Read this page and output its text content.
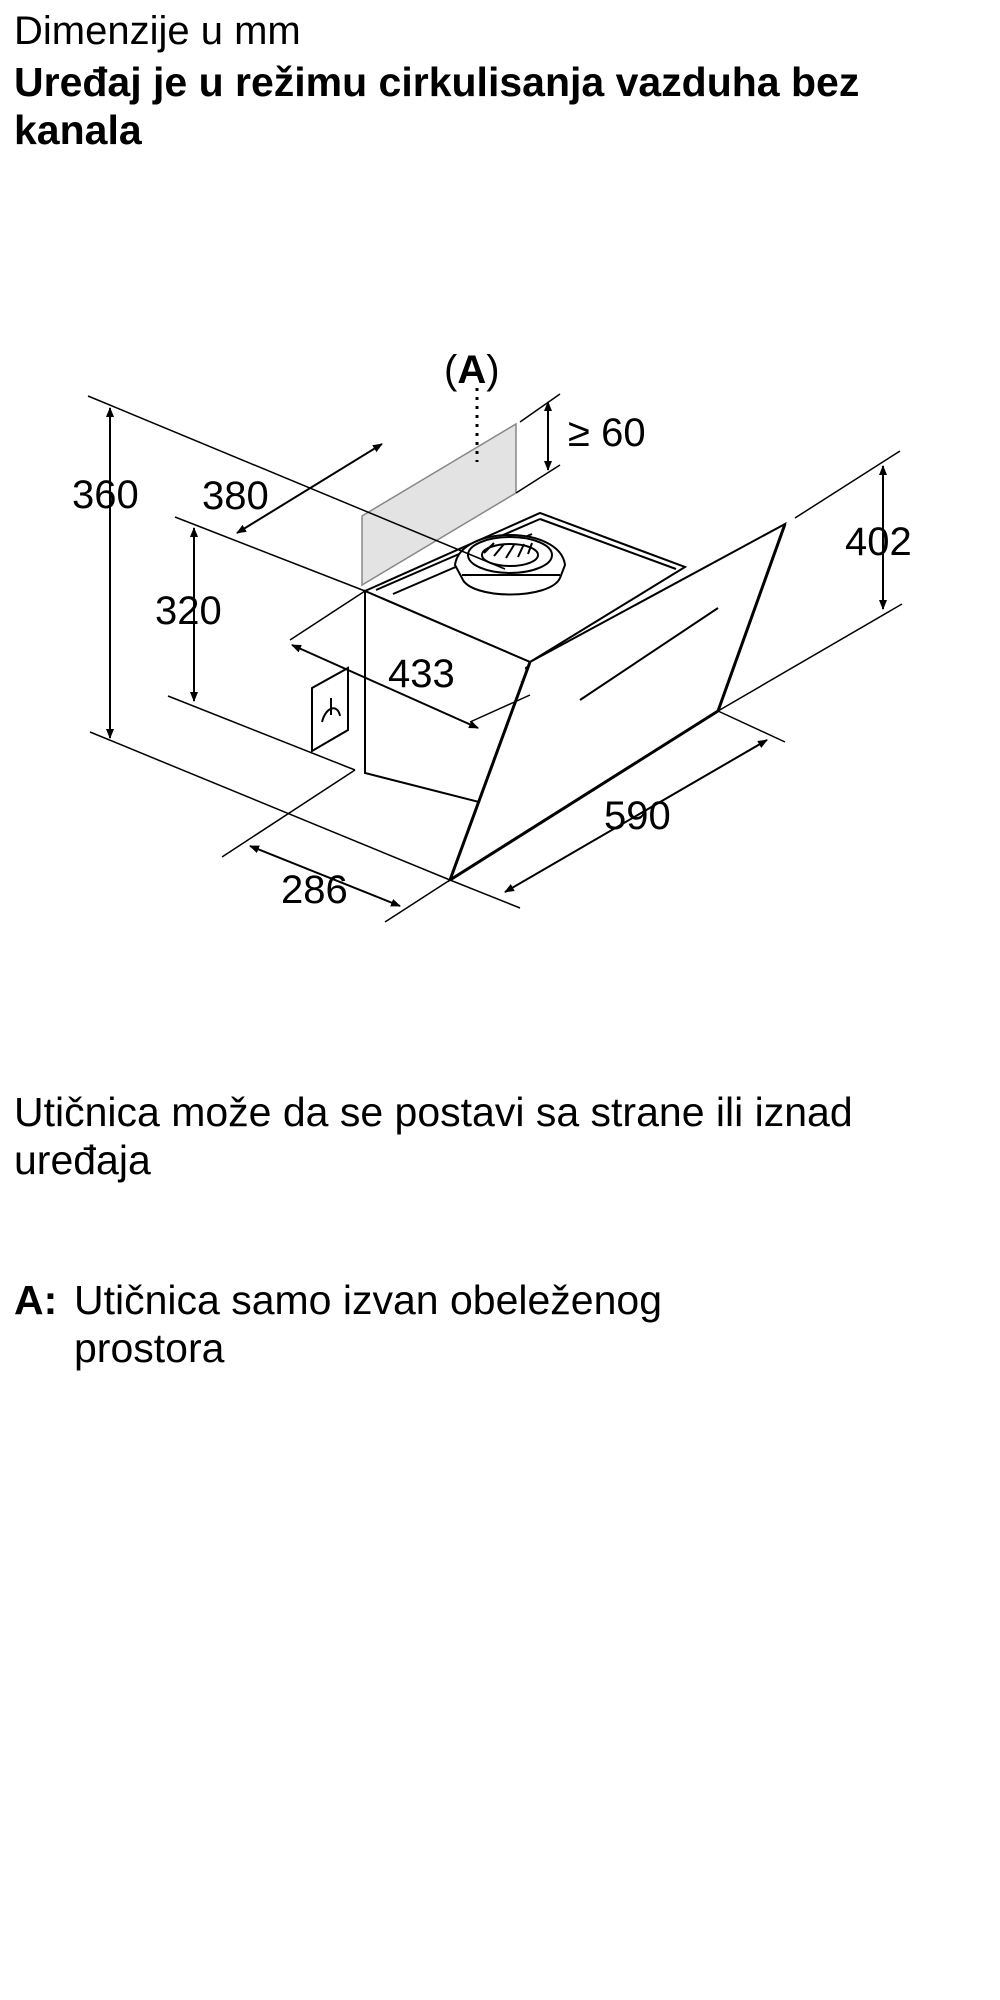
Dimenzije u mm
Uređaj je u režimu cirkulisanja vazduha bez kanala
(A)
≥ 60
360 380
320
433
402
590
286
Utičnica može da se postavi sa strane ili iznad uređaja
A: Utičnica samo izvan obeleženog prostora
